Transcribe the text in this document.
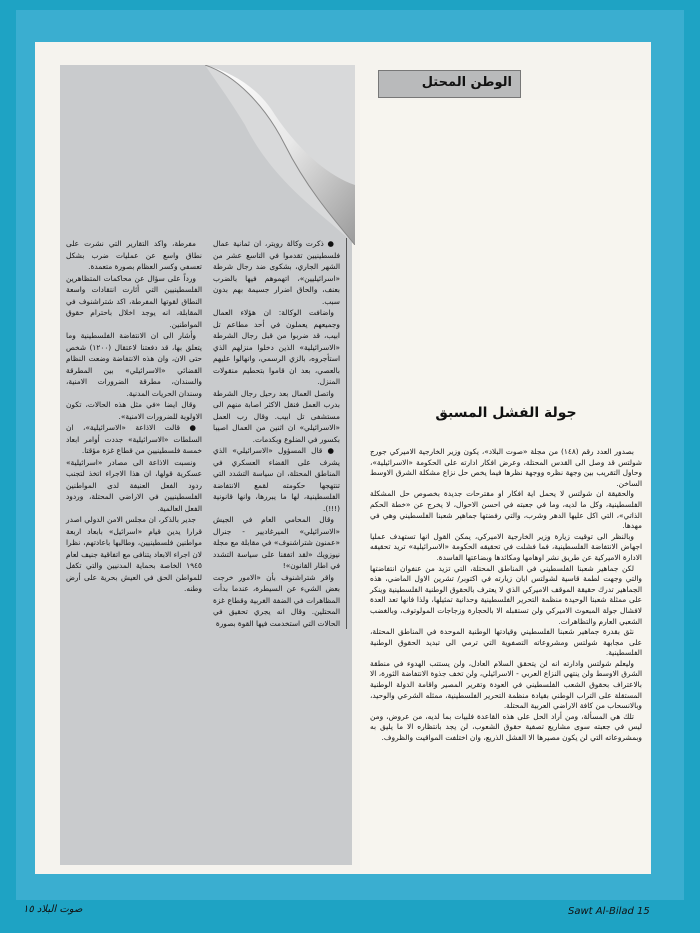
الوطن المحتل
جولة الفشل المسبق

بصدور العدد رقم (١٤٨) من مجلة «صوت البلاد»، يكون وزير الخارجية الاميركي جورج شولتس قد وصل الى القدس المحتلة، وعرض افكار ادارته على الحكومة «الاسرائيلية»، وحاول التقريب بين وجهة نظره ووجهة نظرها فيما يخص حل نزاع مشكلة الشرق الاوسط الساخن.

والحقيقة ان شولتس لا يحمل اية افكار او مقترحات جديدة بخصوص حل المشكلة الفلسطينية، وكل ما لديه، وما في جعبته في احسن الاحوال، لا يخرج عن «خطة الحكم الذاتي»، التي اكل عليها الدهر وشرب، والتي رفضتها جماهير شعبنا الفلسطيني وهي في مهدها.

وبالنظر الى توقيت زيارة وزير الخارجية الاميركي، يمكن القول انها تستهدف عمليا اجهاض الانتفاضة الفلسطينية، فما فشلت في تحقيقه الحكومة «الاسرائيلية» تريد تحقيقه الادارة الاميركية عن طريق نشر اوهامها ومكائدها وبضاعتها الفاسدة.

لكن جماهير شعبنا الفلسطيني في المناطق المحتلة، التي تزيد من عنفوان انتفاضتها والتي وجهت لطمة قاسية لشولتس ابان زيارته في اكتوبر/ تشرين الاول الماضي، هذه الجماهير تدرك حقيقة الموقف الاميركي الذي لا يعترف بالحقوق الوطنية الفلسطينية وينكر على ممثلة شعبنا الوحيدة منظمة التحرير الفلسطينية وحدانية تمثيلها، ولذا فانها تعد العدة لافشال جولة المبعوث الاميركي ولن تستقبله الا بالحجارة وزجاجات المولوتوف، وبالغضب الشعبي العارم والتظاهرات.

نثق بقدرة جماهير شعبنا الفلسطيني وقيادتها الوطنية الموحدة في المناطق المحتلة، على مجابهة شولتس ومشروعاته التصفوية التي ترمي الى تبديد الحقوق الوطنية الفلسطينية.

وليعلم شولتس وادارته انه لن يتحقق السلام العادل، ولن يستتب الهدوء في منطقة الشرق الاوسط ولن ينتهي النزاع العربي - الاسرائيلي، ولن تخف جذوة الانتفاضة الثورة، الا بالاعتراف بحقوق الشعب الفلسطيني في العودة وتقرير المصير واقامة الدولة الوطنية المستقلة على التراب الوطني بقيادة منظمة التحرير الفلسطينية، ممثله الشرعي والوحيد، وبالانسحاب من كافة الاراضي العربية المحتلة.

تلك هي المسألة، ومن أراد الحل على هذه القاعدة فلبيات بما لديه، من عروض، ومن ليس في جعبته سوى مشاريع تصفية حقوق الشعوب، لن يجد بانتظاره الا ما يليق به وبمشروعاته التي لن يكون مصيرها الا الفشل الذريع، وان اختلفت المواقيت والظروف.

● ذكرت وكالة رويتر، ان ثمانية عمال فلسطينيين تقدموا في التاسع عشر من الشهر الجاري، بشكوى ضد رجال شرطة «اسرائيليين»، اتهموهم فيها بالضرب بعنف، والحاق اضرار جسيمة بهم بدون سبب.

واضافت الوكالة: ان هؤلاء العمال وجميعهم يعملون في أحد مطاعم تل ابيب، قد ضربوا من قبل رجال الشرطة «الاسرائيلية» الذين دخلوا منزلهم الذي استأجروه، بالزي الرسمي، وانهالوا عليهم بالعصي، بعد ان قاموا بتحطيم منقولات المنزل.

واتصل العمال بعد رحيل رجال الشرطة بدرب العمل فنقل الاكثر اصابة منهم الى مستشفى تل ابيب. وقال رب العمل «الاسرائيلي» ان اثنين من العمال اصيبا بكسور في الضلوع وبكدمات.

● قال المسؤول «الاسرائيلي» الذي يشرف على القضاء العسكري في المناطق المحتلة، ان سياسة التشدد التي تنتهجها حكومته لقمع الانتفاضة الفلسطينية، لها ما يبررها، وانها قانونية (!!!).

وقال المحامي العام في الجيش «الاسرائيلي» الميرغاديير - جنرال «عمنون شتراشنوف» في مقابلة مع مجلة نيوزويك «لقد اتفقنا على سياسة التشدد في اطار القانون»!

واقر شتراشنوف بأن «الامور خرجت بعض الشيء عن السيطرة، عندما بدأت المظاهرات في الضفة الغربية وقطاع غزة المحتلين. وقال انه يجري تحقيق في الحالات التي استخدمت فيها القوة بصورة

مفرطة، واكد التقارير التي نشرت على نطاق واسع عن عمليات ضرب بشكل تعسفي وكسر العظام بصورة متعمدة.

ورداً على سؤال عن محاكمات المتظاهرين الفلسطينيين التي أثارت انتقادات واسعة النطاق لقوتها المفرطة، اكد شتراشنوف في المقابلة، انه يوجد اخلال باحترام حقوق المواطنين.

وأشار الى ان الانتفاضة الفلسطينية وما يتعلق بها، قد دفعتنا لاعتقال (١٢٠٠) شخص حتى الان، وان هذه الانتفاضة وضعت النظام القضائي «الاسرائيلي» بين المطرقة والسندان، مطرقة الضرورات الامنية، وسندان الحريات المدنية.

وقال ايضا «في مثل هذه الحالات، تكون الاولوية للضرورات الامنية».

● قالت الاذاعة «الاسرائيلية»، ان السلطات «الاسرائيلية» جددت أوامر ابعاد خمسة فلسطينيين من قطاع غزة مؤقتا.

ونسبت الاذاعة الى مصادر «اسرائيلية» عسكرية قولها، ان هذا الاجراء اتخذ لتجنب ردود الفعل العنيفة لدى المواطنين الفلسطينيين في الاراضي المحتلة، وردود الفعل العالمية.

جدير بالذكر، ان مجلس الامن الدولي اصدر قرارا يدين قيام «اسرائيل» بابعاد اربعة مواطنين فلسطينيين، وطالبها باعادتهم، نظرا لان اجراء الابعاد يتنافى مع اتفاقية جنيف لعام ١٩٤٥ الخاصة بحماية المدنيين والتي تكفل للمواطن الحق في العيش بحرية على أرض وطنه.

Sawt Al-Bilad 15
صوت البلاد ١٥
